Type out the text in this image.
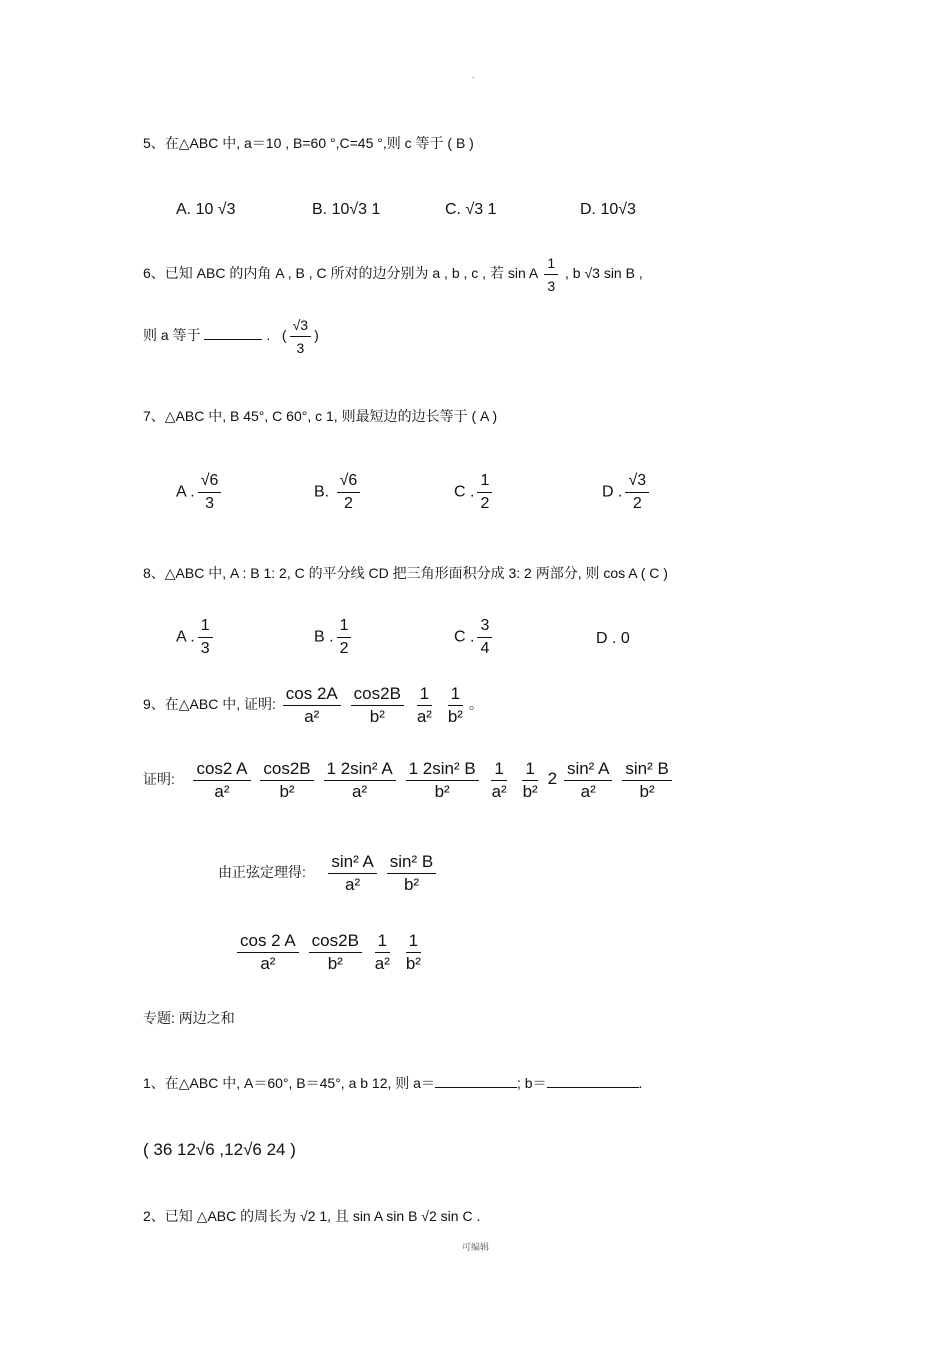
.
5、在△ABC 中, a＝10 , B=60 °,C=45 °,则 c 等于 ( B )
A. 10 √3	B. 10√3 1	C. √3 1	D. 10√3
6、已知 ABC 的内角 A , B , C 所对的边分别为 a , b , c , 若 sin A $\frac{1}{3}$ , b √3 sin B ,
则 a 等于	.   ( $\frac{√3}{3}$ )
7、△ABC 中, B 45°, C 60°, c 1, 则最短边的边长等于 ( A )
A . $\frac{√6}{3}$	B. $\frac{√6}{2}$	C . $\frac{1}{2}$	D . $\frac{√3}{2}$
8、△ABC 中, A : B 1: 2, C 的平分线 CD 把三角形面积分成 3: 2 两部分, 则 cos A ( C )
A . $\frac{1}{3}$	B . $\frac{1}{2}$	C . $\frac{3}{4}$	D . 0
9、在△ABC 中, 证明: $\frac{\cos 2A}{\text{a²}}$
$\frac{\cos 2B}{\text{b²}}$
$\frac{1}{\text{a²}}$
$\frac{1}{\text{b²}}$ 。
证明: $\frac{\cos 2 A}{\text{a²}}$
$\frac{\cos 2B}{\text{b²}}$
$\frac{\text{1 2sin² A}}{\text{a²}}$
$\frac{\text{1 2sin² B}}{\text{b²}}$
$\frac{1}{\text{a²}}$
$\frac{1}{\text{b²}} 2 \frac{\text{sin² A}}{\text{a²}}$
$\frac{\text{sin² B}}{\text{b²}}$
由正弦定理得: $\frac{\text{sin² A}}{\text{a²}}$
$\frac{\text{sin² B}}{\text{b²}}$
$\frac{\cos 2 A}{\text{a²}}$
$\frac{\cos 2B}{\text{b²}}$
$\frac{1}{\text{a²}}$
$\frac{1}{\text{b²}}$
专题: 两边之和
1、在△ABC 中, A＝60°, B＝45°, a b 12, 则 a＝	; b＝	.
( 36 12√6 ,12√6 24 )
2、已知 △ABC 的周长为 √2 1, 且 sin A sin B √2 sin C .
可编辑
